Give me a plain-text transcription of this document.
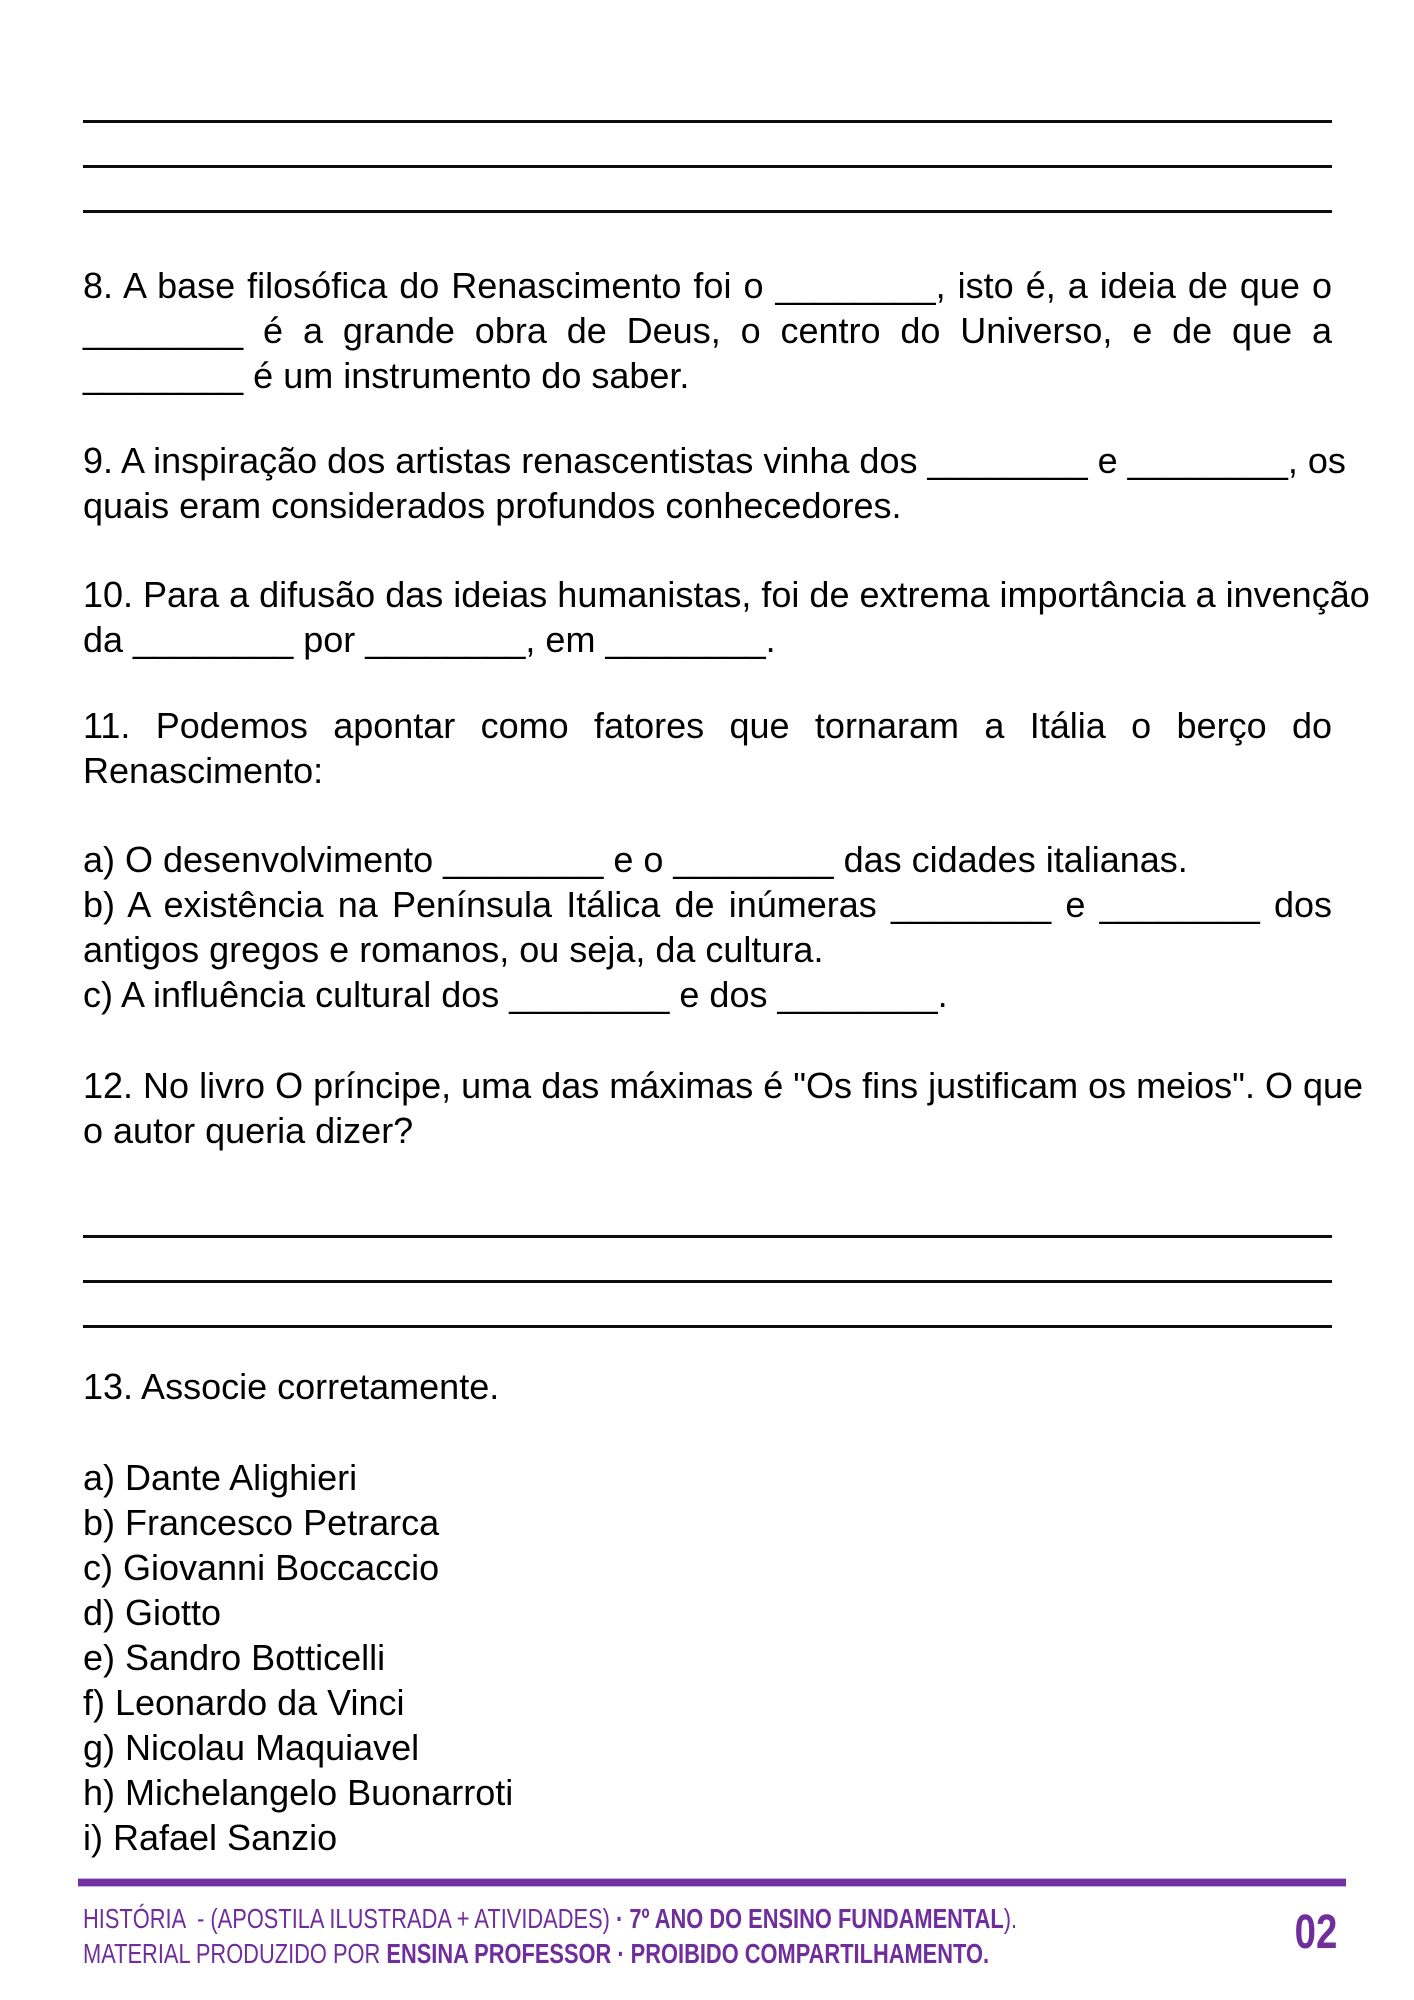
8. A base filosófica do Renascimento foi o ________, isto é, a ideia de que o
________ é a grande obra de Deus, o centro do Universo, e de que a
________ é um instrumento do saber.
9. A inspiração dos artistas renascentistas vinha dos ________ e ________, os
quais eram considerados profundos conhecedores.
10. Para a difusão das ideias humanistas, foi de extrema importância a invenção
da ________ por ________, em ________.
11. Podemos apontar como fatores que tornaram a Itália o berço do
Renascimento:
a) O desenvolvimento ________ e o ________ das cidades italianas.
b) A existência na Península Itálica de inúmeras ________ e ________ dos
antigos gregos e romanos, ou seja, da cultura.
c) A influência cultural dos ________ e dos ________.
12. No livro O príncipe, uma das máximas é "Os fins justificam os meios". O que
o autor queria dizer?
13. Associe corretamente.
a) Dante Alighieri
b) Francesco Petrarca
c) Giovanni Boccaccio
d) Giotto
e) Sandro Botticelli
f) Leonardo da Vinci
g) Nicolau Maquiavel
h) Michelangelo Buonarroti
i) Rafael Sanzio
HISTÓRIA  - (APOSTILA ILUSTRADA + ATIVIDADES) · 7º ANO DO ENSINO FUNDAMENTAL).
MATERIAL PRODUZIDO POR ENSINA PROFESSOR · PROIBIDO COMPARTILHAMENTO.	02
